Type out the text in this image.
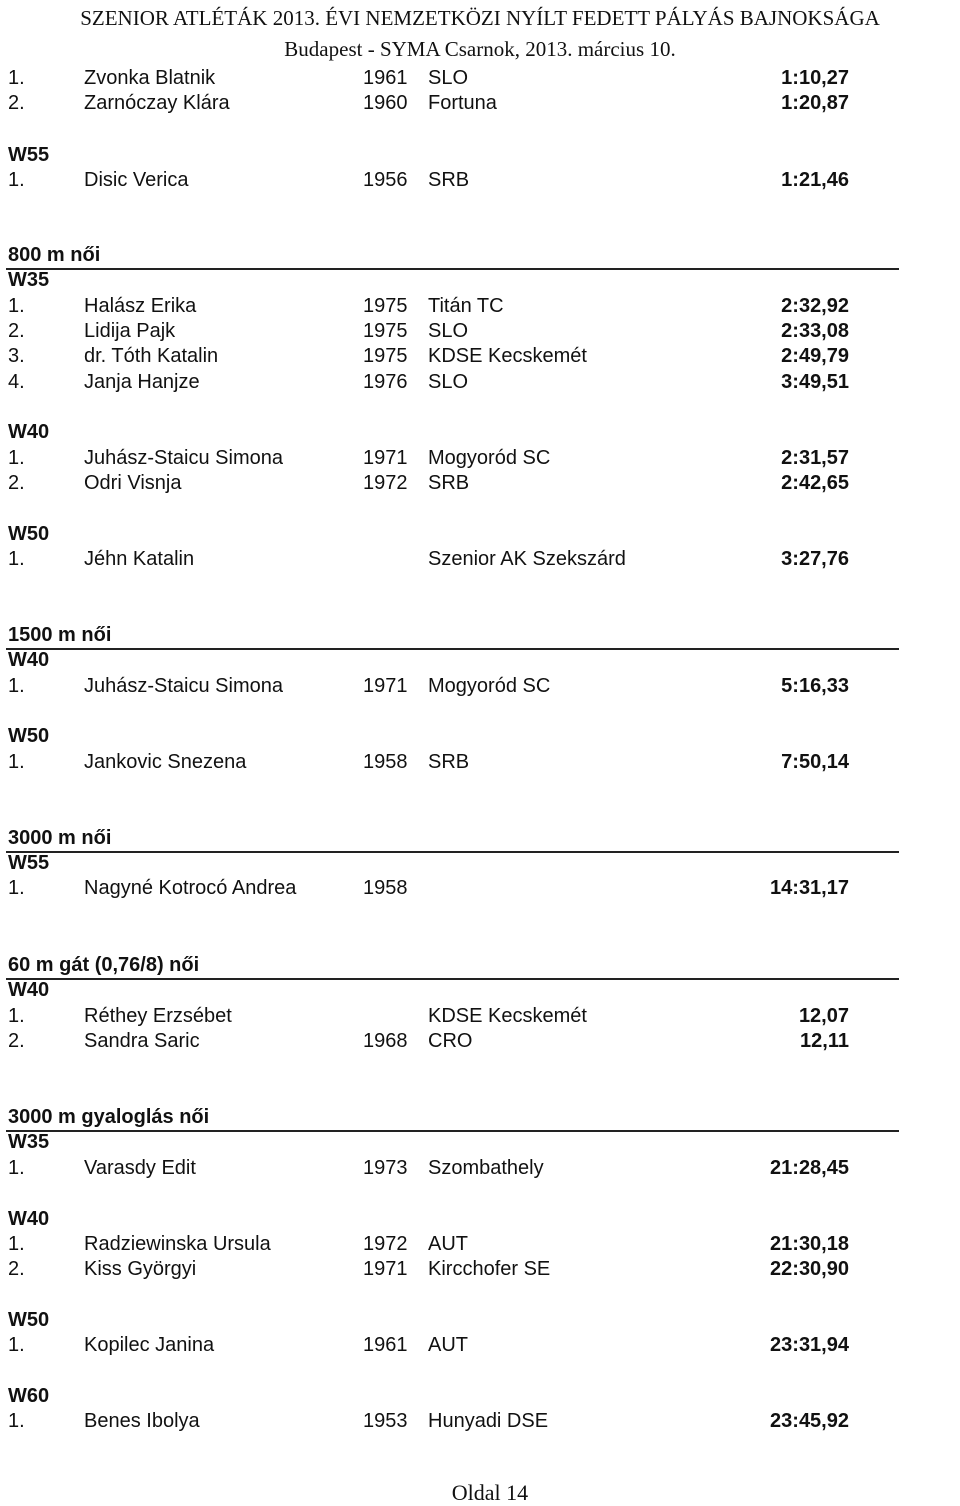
SZENIOR ATLÉTÁK 2013. ÉVI NEMZETKÖZI NYÍLT FEDETT PÁLYÁS BAJNOKSÁGA
Budapest - SYMA Csarnok, 2013. március 10.
1.	Zvonka Blatnik	1961 SLO	1:10,27
2.	Zarnóczay Klára	1960 Fortuna	1:20,87
W55
1.	Disic Verica	1956 SRB	1:21,46
800 m női
W35
1.	Halász Erika	1975 Titán TC	2:32,92
2.	Lidija Pajk	1975 SLO	2:33,08
3.	dr. Tóth Katalin	1975 KDSE Kecskemét	2:49,79
4.	Janja Hanjze	1976 SLO	3:49,51
W40
1.	Juhász-Staicu Simona	1971 Mogyoród SC	2:31,57
2.	Odri Visnja	1972 SRB	2:42,65
W50
1.	Jéhn Katalin	Szenior AK Szekszárd	3:27,76
1500 m női
W40
1.	Juhász-Staicu Simona	1971 Mogyoród SC	5:16,33
W50
1.	Jankovic Snezena	1958 SRB	7:50,14
3000 m női
W55
1.	Nagyné Kotrocó Andrea	1958	14:31,17
60 m gát (0,76/8) női
W40
1.	Réthey Erzsébet	KDSE Kecskemét	12,07
2.	Sandra Saric	1968 CRO	12,11
3000 m gyaloglás női
W35
1.	Varasdy Edit	1973 Szombathely	21:28,45
W40
1.	Radziewinska Ursula	1972 AUT	21:30,18
2.	Kiss Györgyi	1971 Kircchofer SE	22:30,90
W50
1.	Kopilec Janina	1961 AUT	23:31,94
W60
1.	Benes Ibolya	1953 Hunyadi DSE	23:45,92
Oldal 14
